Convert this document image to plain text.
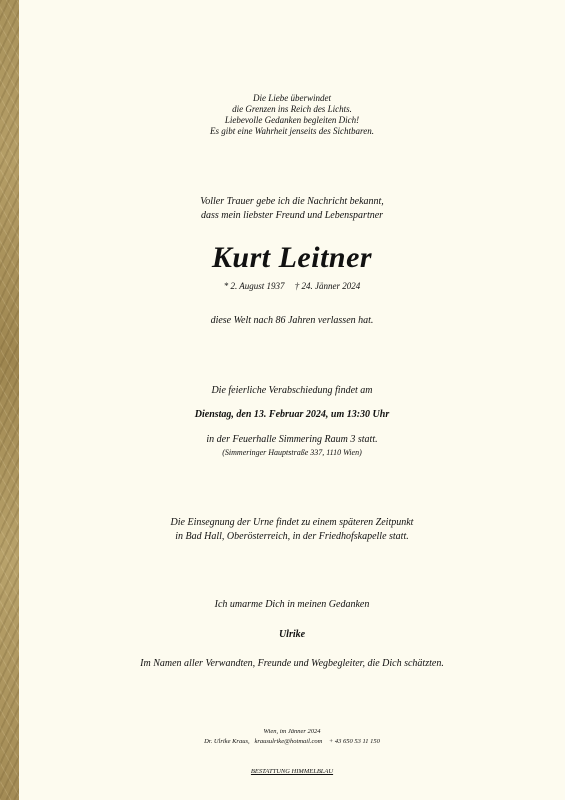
Die Liebe überwindet
die Grenzen ins Reich des Lichts.
Liebevolle Gedanken begleiten Dich!
Es gibt eine Wahrheit jenseits des Sichtbaren.
Voller Trauer gebe ich die Nachricht bekannt,
dass mein liebster Freund und Lebenspartner
Kurt Leitner
* 2. August 1937 † 24. Jänner 2024
diese Welt nach 86 Jahren verlassen hat.
Die feierliche Verabschiedung findet am
Dienstag, den 13. Februar 2024, um 13:30 Uhr
in der Feuerhalle Simmering Raum 3 statt.
(Simmeringer Hauptstraße 337, 1110 Wien)
Die Einsegnung der Urne findet zu einem späteren Zeitpunkt
in Bad Hall, Oberösterreich, in der Friedhofskapelle statt.
Ich umarme Dich in meinen Gedanken
Ulrike
Im Namen aller Verwandten, Freunde und Wegbegleiter, die Dich schätzten.
Wien, im Jänner 2024
Dr. Ulrike Kraus,   krausulrike@hotmail.com    + 43 650 53 11 150
BESTATTUNG HIMMELBLAU
